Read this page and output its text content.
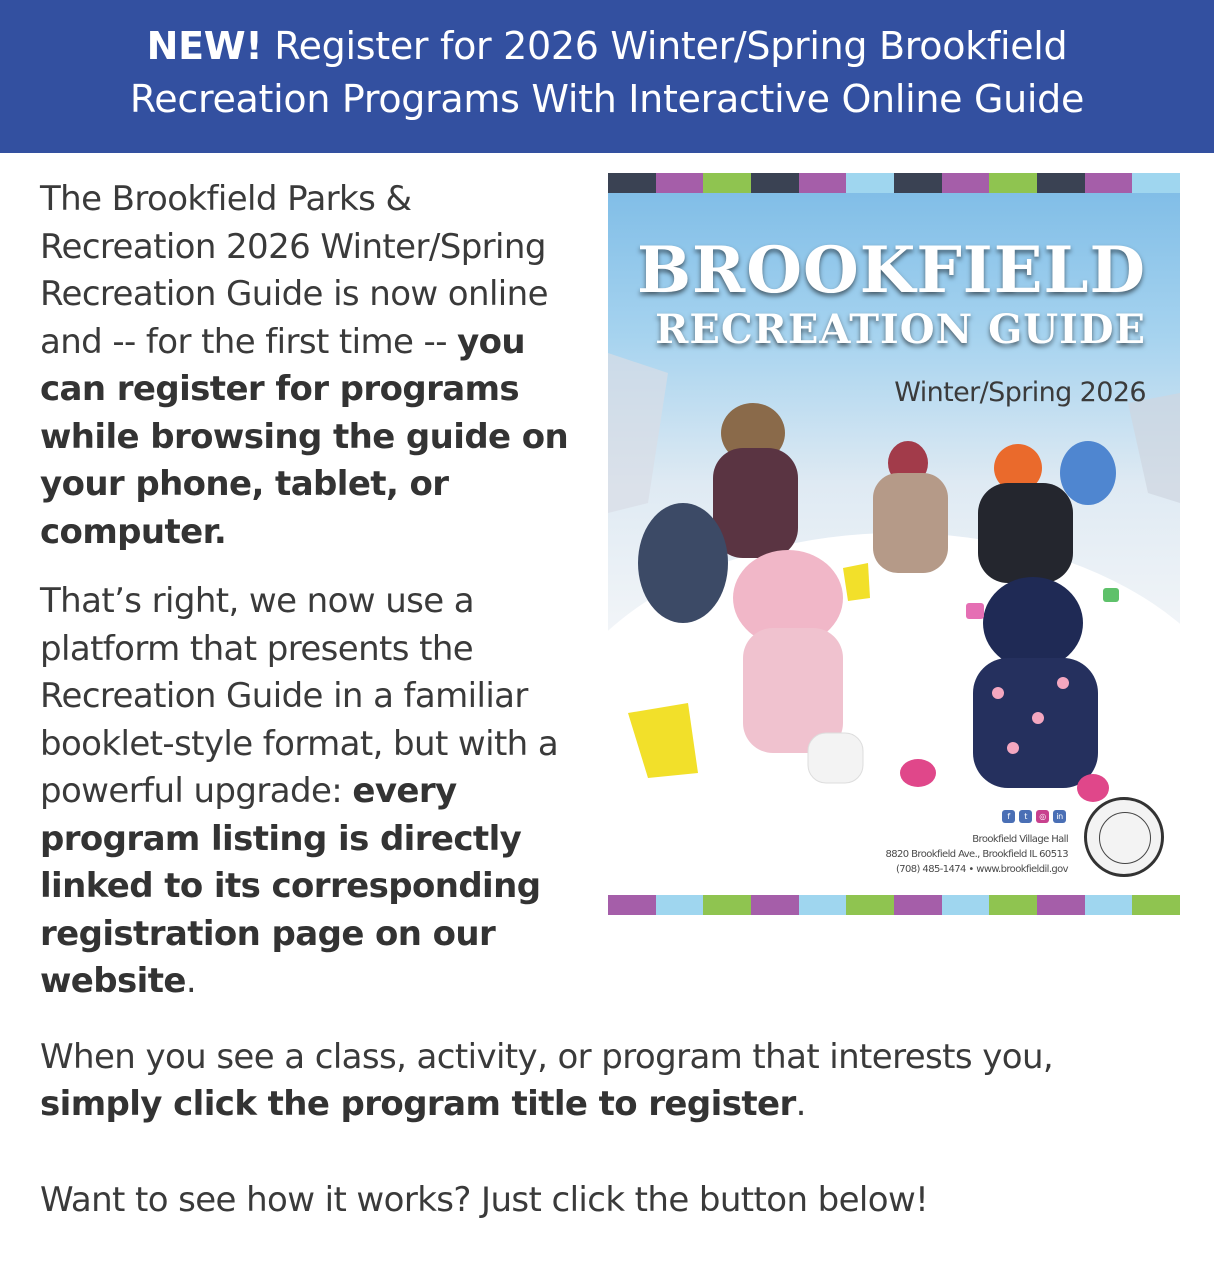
NEW! Register for 2026 Winter/Spring Brookfield
Recreation Programs With Interactive Online Guide
BROOKFIELD
RECREATION GUIDE
Winter/Spring 2026
f	t	◎	in
Brookfield Village Hall
8820 Brookfield Ave., Brookfield IL 60513
(708) 485-1474 • www.brookfieldil.gov

The Brookfield Parks & Recreation 2026 Winter/Spring Recreation Guide is now online and -- for the first time -- you can register for programs while browsing the guide on your phone, tablet, or computer.

That’s right, we now use a platform that presents the Recreation Guide in a familiar booklet-style format, but with a powerful upgrade: every program listing is directly linked to its corresponding registration page on our website.

When you see a class, activity, or program that interests you, simply click the program title to register.

Want to see how it works? Just click the button below!
